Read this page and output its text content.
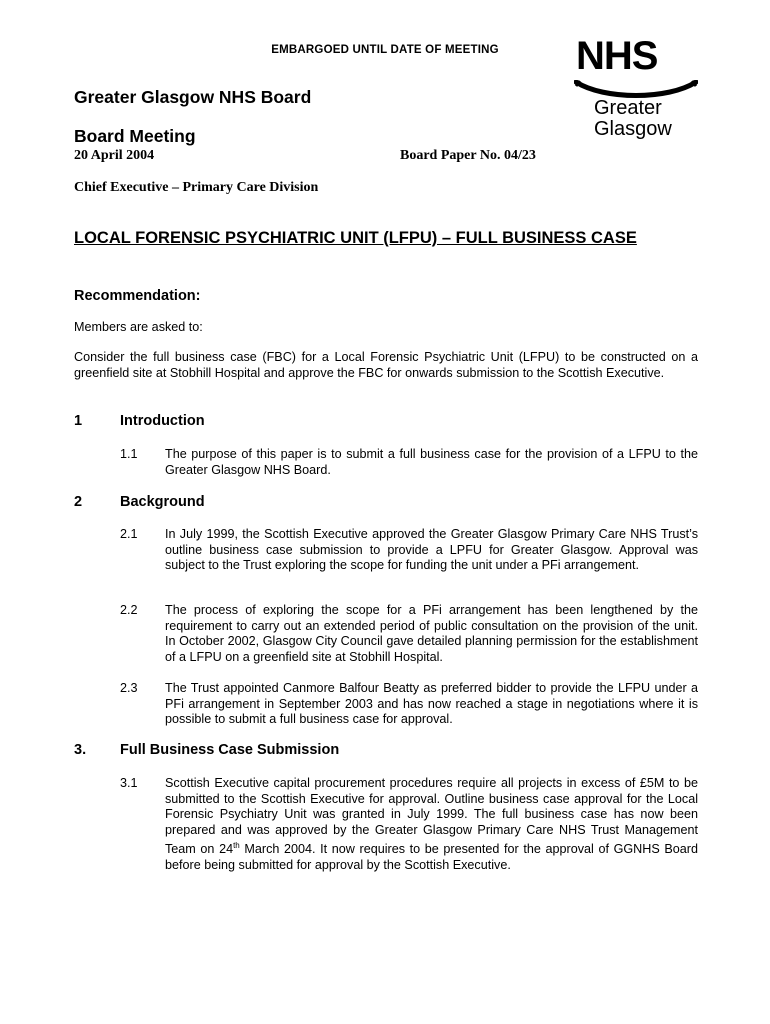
EMBARGOED UNTIL DATE OF MEETING	NHS
Greater
Glasgow
Greater Glasgow NHS Board
Board Meeting
20 April 2004	Board Paper No. 04/23
Chief Executive – Primary Care Division
LOCAL FORENSIC PSYCHIATRIC UNIT (LFPU) – FULL BUSINESS CASE
Recommendation:
Members are asked to:
Consider the full business case (FBC) for a Local Forensic Psychiatric Unit (LFPU) to be constructed on a greenfield site at Stobhill Hospital and approve the FBC for onwards submission to the Scottish Executive.
1	Introduction
1.1 The purpose of this paper is to submit a full business case for the provision of a LFPU to the Greater Glasgow NHS Board.
2	Background
2.1 In July 1999, the Scottish Executive approved the Greater Glasgow Primary Care NHS Trust’s outline business case submission to provide a LPFU for Greater Glasgow. Approval was subject to the Trust exploring the scope for funding the unit under a PFi arrangement.
2.2 The process of exploring the scope for a PFi arrangement has been lengthened by the requirement to carry out an extended period of public consultation on the provision of the unit. In October 2002, Glasgow City Council gave detailed planning permission for the establishment of a LFPU on a greenfield site at Stobhill Hospital.
2.3 The Trust appointed Canmore Balfour Beatty as preferred bidder to provide the LFPU under a PFi arrangement in September 2003 and has now reached a stage in negotiations where it is possible to submit a full business case for approval.
3. Full Business Case Submission
3.1 Scottish Executive capital procurement procedures require all projects in excess of £5M to be submitted to the Scottish Executive for approval. Outline business case approval for the Local Forensic Psychiatry Unit was granted in July 1999. The full business case has now been prepared and was approved by the Greater Glasgow Primary Care NHS Trust Management Team on 24th March 2004. It now requires to be presented for the approval of GGNHS Board before being submitted for approval by the Scottish Executive.
